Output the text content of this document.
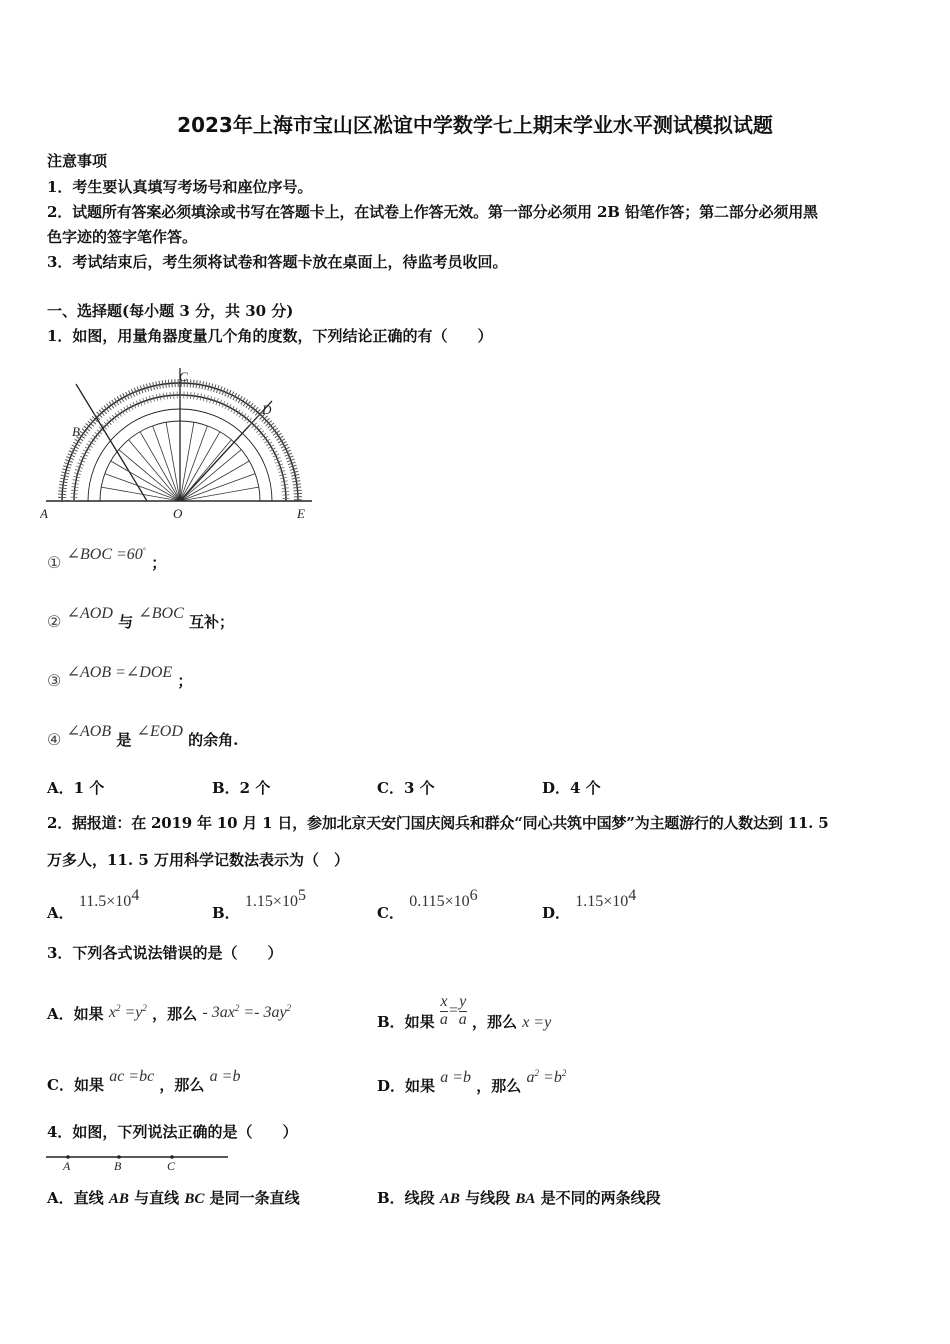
2023年上海市宝山区凇谊中学数学七上期末学业水平测试模拟试题
注意事项
1．考生要认真填写考场号和座位序号。
2．试题所有答案必须填涂或书写在答题卡上，在试卷上作答无效。第一部分必须用 2B 铅笔作答；第二部分必须用黑
色字迹的签字笔作答。
3．考试结束后，考生须将试卷和答题卡放在桌面上，待监考员收回。
一、选择题(每小题 3 分，共 30 分)
1．如图，用量角器度量几个角的度数，下列结论正确的有（　　）
A
B
C
D
O	E
① ∠BOC =60° ；
② ∠AOD 与 ∠BOC 互补；
③ ∠AOB =∠DOE ；
④ ∠AOB 是 ∠EOD 的余角.
A．1 个	B．2 个	C．3 个	D．4 个
2．据报道：在 2019 年 10 月 1 日，参加北京天安门国庆阅兵和群众“同心共筑中国梦”为主题游行的人数达到 11. 5
万多人，11. 5 万用科学记数法表示为（　）
A． $11.5\times 10^4$
B． $1.15\times 10^5$
C． $0.115\times 10^6$
D． $1.15\times 10^4$
3．下列各式说法错误的是（　　）
A．如果 $x^2 =y^2$ ，那么 - $3ax^2 =- 3ay^2$
B．如果 $\frac{x}{a} = \frac{y}{a}$ ，那么 x =y
C．如果 ac =bc ，那么 a =b
D．如果 a =b ，那么 $a^2 =b^2$
4．如图，下列说法正确的是（　　）
A	B	C
A．直线 AB 与直线 BC 是同一条直线	B．线段 AB 与线段 BA 是不同的两条线段
